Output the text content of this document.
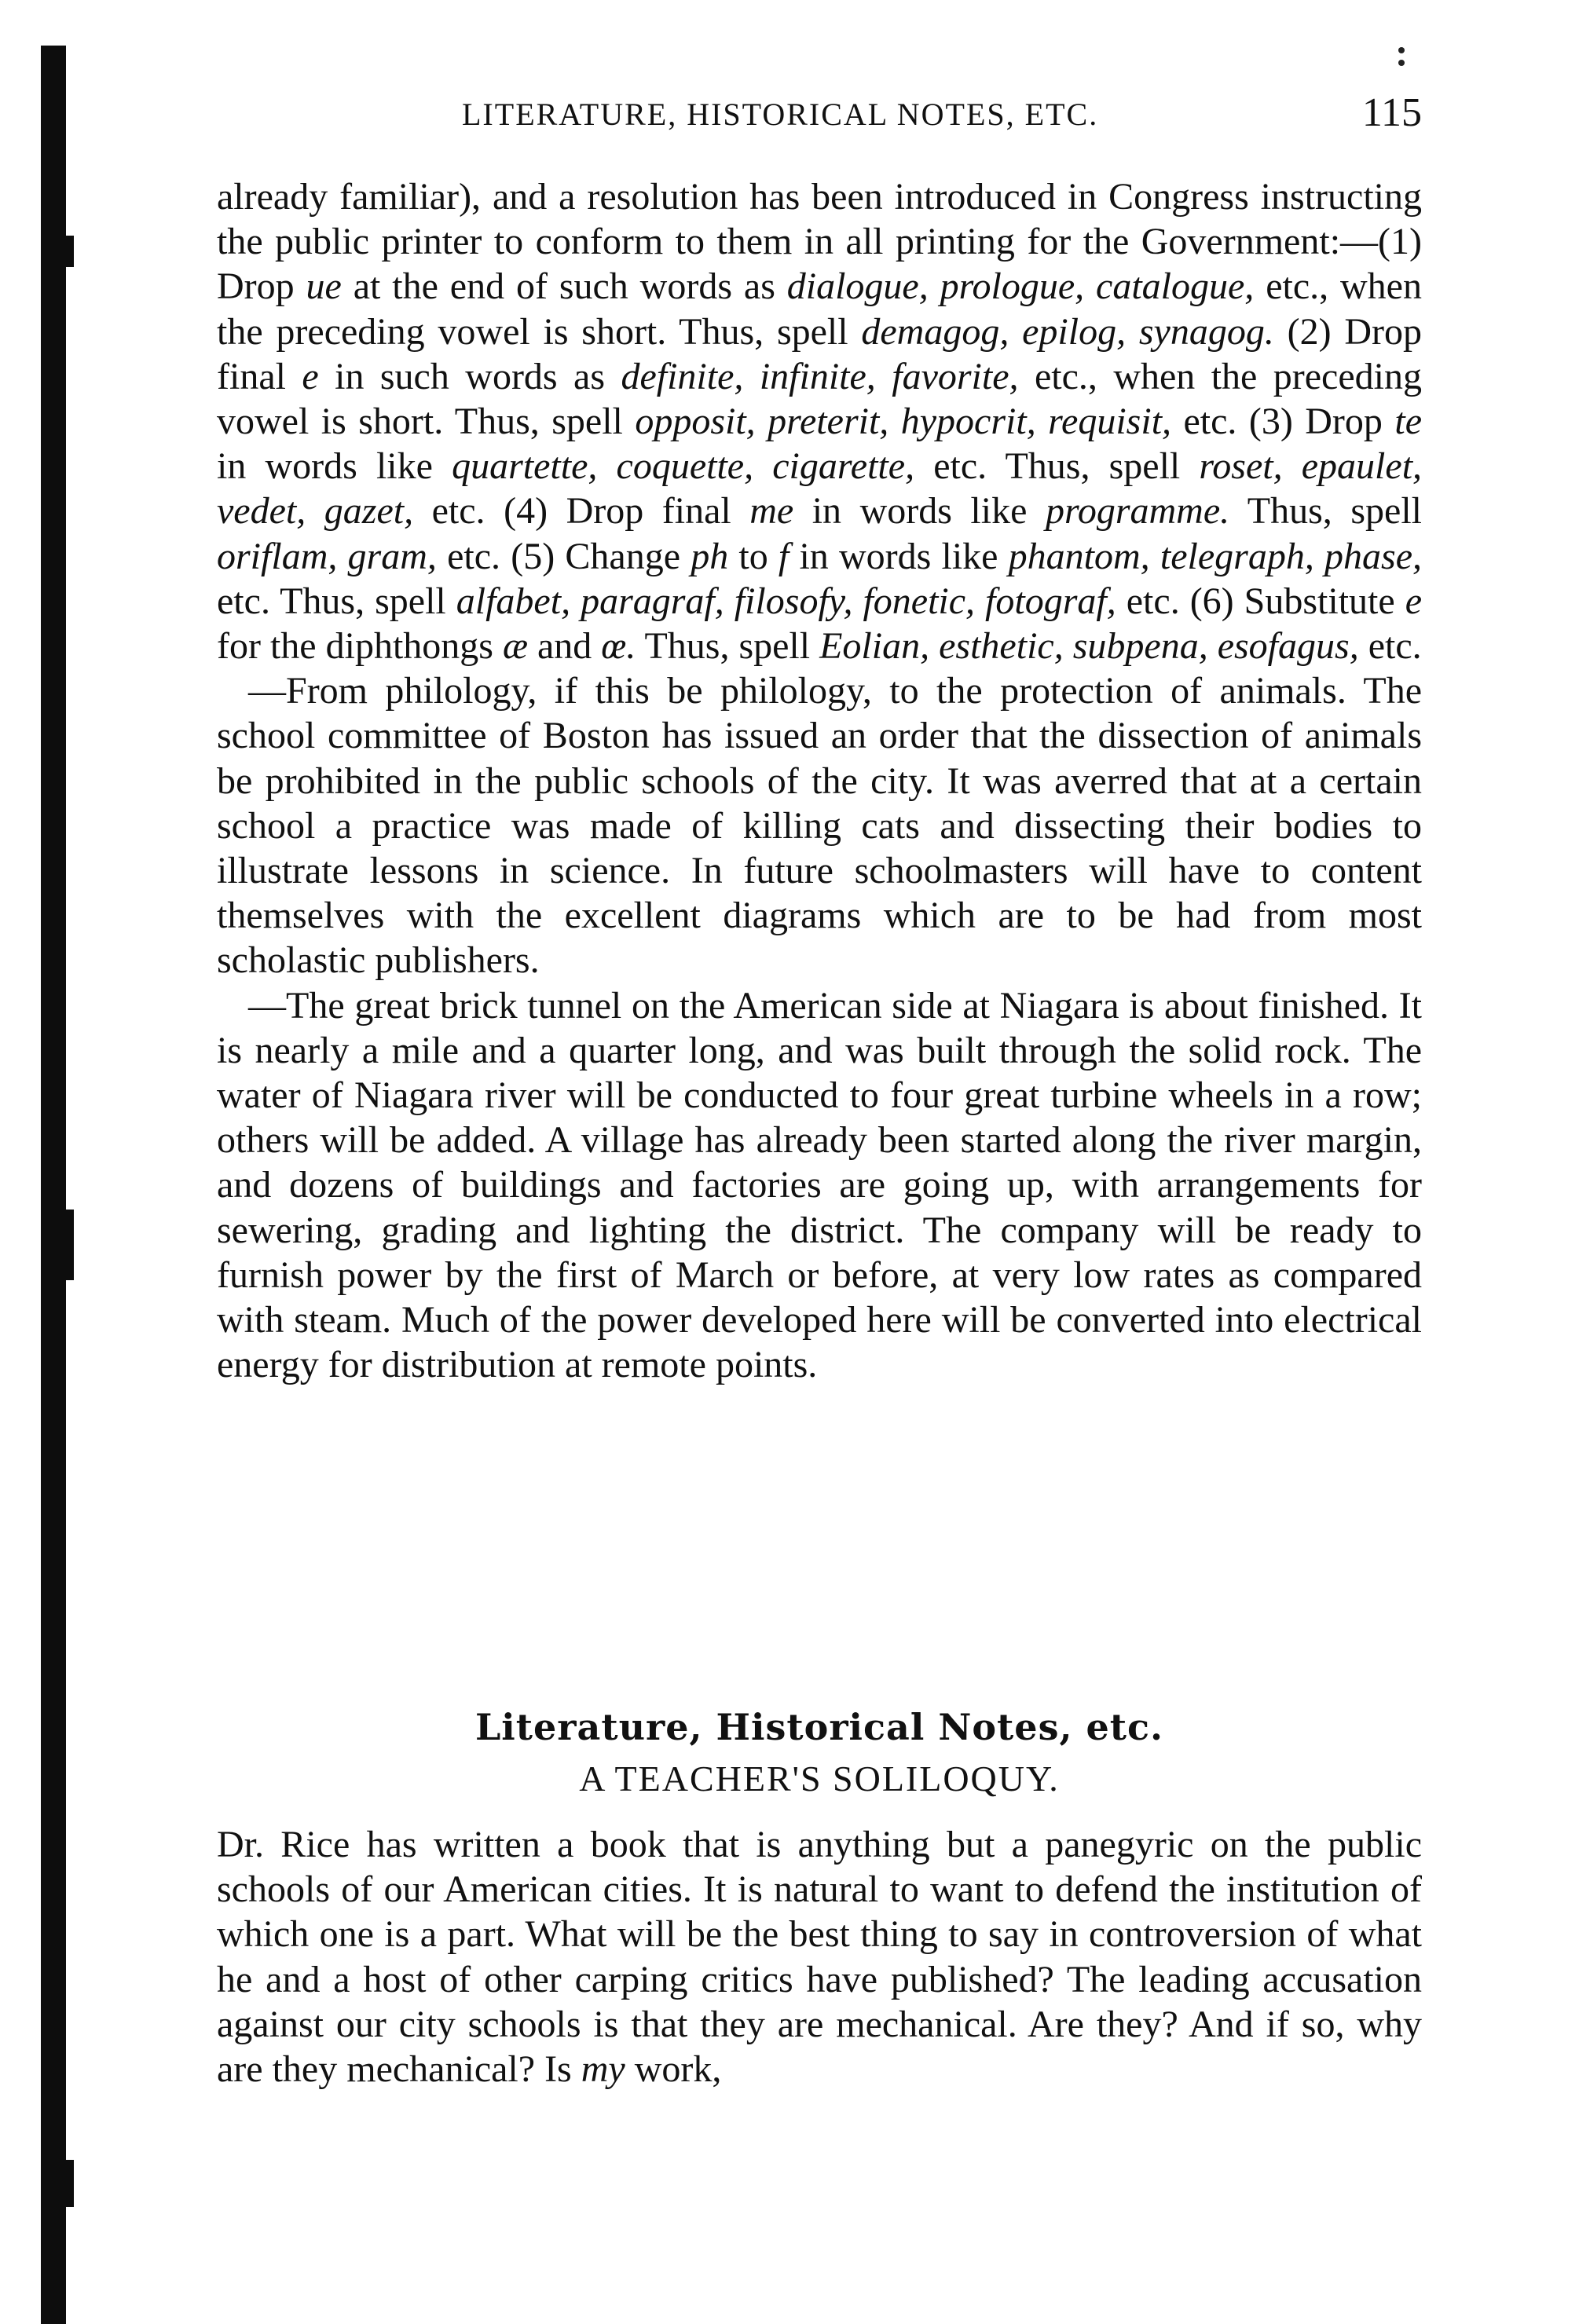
LITERATURE, HISTORICAL NOTES, ETC.	115

already familiar), and a resolution has been introduced in Congress instructing the public printer to conform to them in all printing for the Government:—(1) Drop ue at the end of such words as dialogue, prologue, catalogue, etc., when the preceding vowel is short. Thus, spell demagog, epilog, synagog. (2) Drop final e in such words as definite, infinite, favorite, etc., when the preceding vowel is short. Thus, spell opposit, preterit, hypocrit, requisit, etc. (3) Drop te in words like quartette, coquette, cigarette, etc. Thus, spell roset, epaulet, vedet, gazet, etc. (4) Drop final me in words like programme. Thus, spell oriflam, gram, etc. (5) Change ph to f in words like phantom, telegraph, phase, etc. Thus, spell alfabet, paragraf, filosofy, fonetic, fotograf, etc. (6) Substitute e for the diphthongs æ and œ. Thus, spell Eolian, esthetic, subpena, esofagus, etc.

—From philology, if this be philology, to the protection of animals. The school committee of Boston has issued an order that the dissection of animals be prohibited in the public schools of the city. It was averred that at a certain school a practice was made of killing cats and dissecting their bodies to illustrate lessons in science. In future schoolmasters will have to content themselves with the excellent diagrams which are to be had from most scholastic publishers.

—The great brick tunnel on the American side at Niagara is about finished. It is nearly a mile and a quarter long, and was built through the solid rock. The water of Niagara river will be conducted to four great turbine wheels in a row; others will be added. A village has already been started along the river margin, and dozens of buildings and factories are going up, with arrangements for sewering, grading and lighting the district. The company will be ready to furnish power by the first of March or before, at very low rates as compared with steam. Much of the power developed here will be converted into electrical energy for distribution at remote points.

Literature, Historical Notes, etc.
A TEACHER'S SOLILOQUY.

Dr. Rice has written a book that is anything but a panegyric on the public schools of our American cities. It is natural to want to defend the institution of which one is a part. What will be the best thing to say in controversion of what he and a host of other carping critics have published? The leading accusation against our city schools is that they are mechanical. Are they? And if so, why are they mechanical? Is my work,
